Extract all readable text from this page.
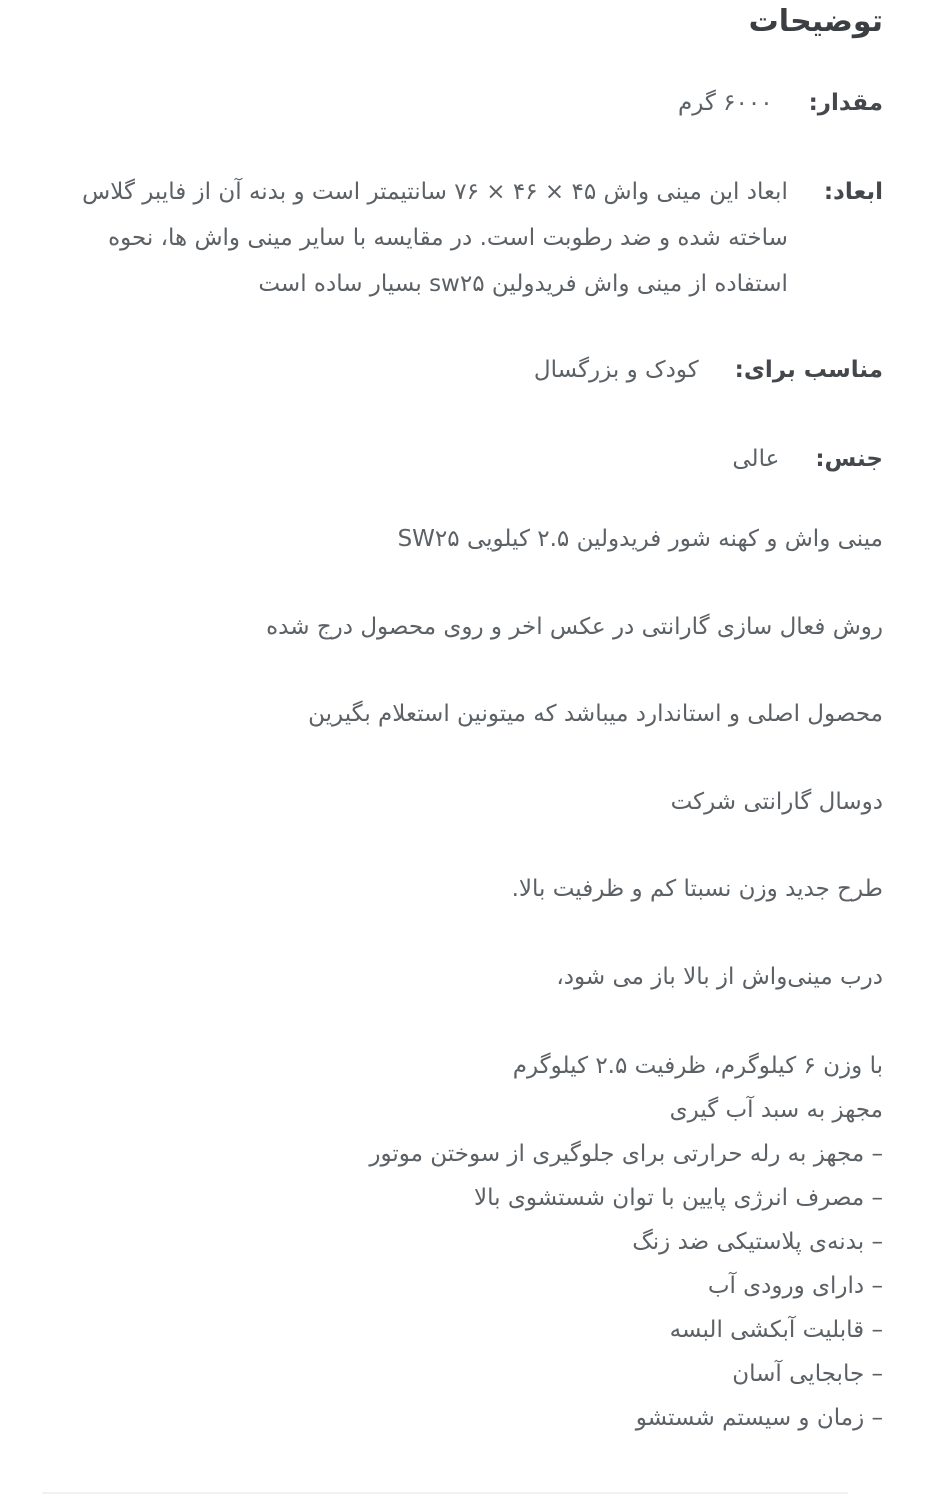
توضیحات
مقدار:
۶۰۰۰ گرم
ابعاد:
ابعاد این مینی واش ۴۵ × ۴۶ × ۷۶ سانتیمتر است و بدنه آن از فایبر گلاس ساخته شده و ضد رطوبت است. در مقایسه با سایر مینی واش ها، نحوه استفاده از مینی واش فریدولین sw۲۵ بسیار ساده است
مناسب برای:
کودک و بزرگسال
جنس:
عالی

مینی واش و کهنه شور فریدولین ۲.۵ کیلویی SW۲۵

روش فعال سازی گارانتی در عکس اخر و روی محصول درج شده

محصول اصلی و استاندارد میباشد که میتونین استعلام بگیرین

دوسال گارانتی شرکت

طرح جدید وزن نسبتا کم و ظرفیت بالا.

درب مینی‌واش از بالا باز می شود،

با وزن ۶ کیلوگرم، ظرفیت ۲.۵ کیلوگرم
مجهز به سبد آب گیری
– مجهز به رله حرارتی برای جلوگیری از سوختن موتور
– مصرف انرژی پایین با توان شستشوی بالا
– بدنه‌ی پلاستیکی ضد زنگ
– دارای ورودی آب
– قابلیت آبکشی البسه
– جابجایی آسان
– زمان و سیستم شستشو
